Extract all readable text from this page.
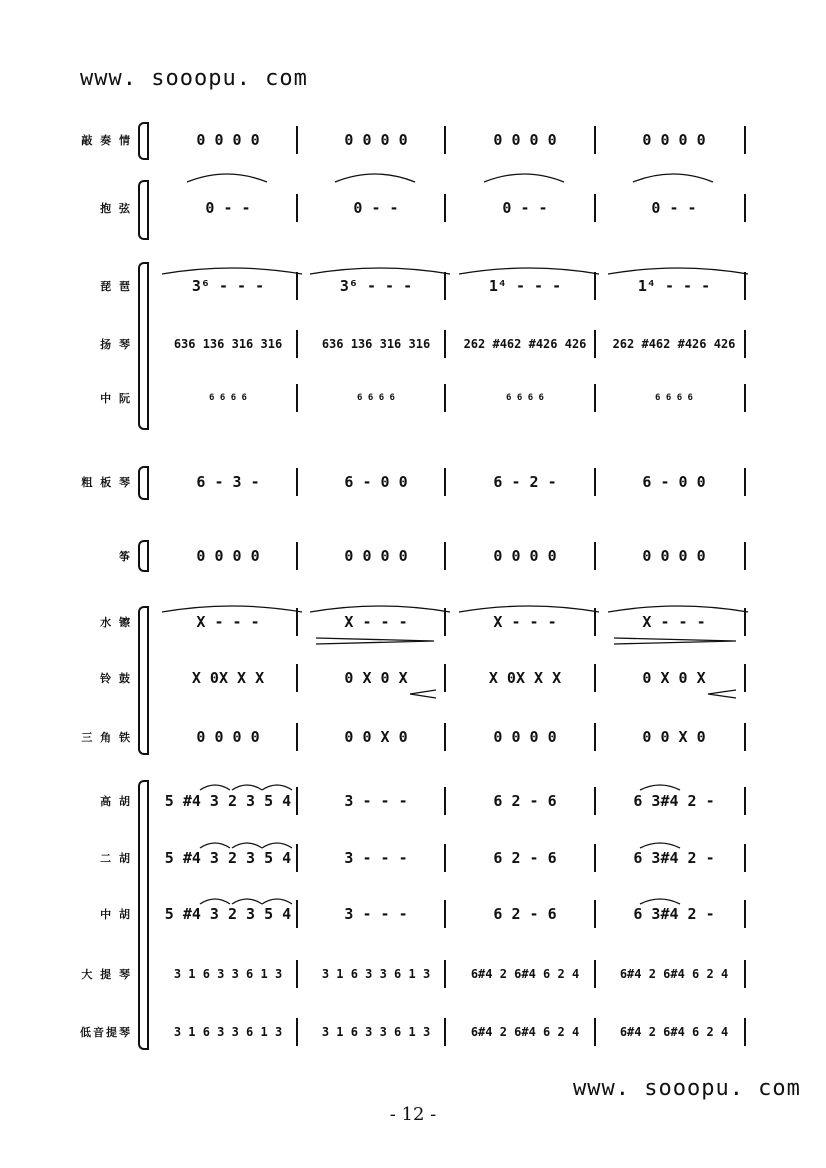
www. sooopu. com
www. sooopu. com
- 12 -
敲 奏 情	0 0 0 0	0 0 0 0	0 0 0 0	0 0 0 0
抱 弦	0 - -	0 - -	0 - -	0 - -
琵 琶	3⁶ - - -	3⁶ - - -	1⁴ - - -	1⁴ - - -
扬 琴	636 136 316 316	636 136 316 316	262 #462 #426 426	262 #462 #426 426
中 阮	6 6 6 6	6 6 6 6	6 6 6 6	6 6 6 6
粗 板 琴	6 - 3 -	6 - 0 0	6 - 2 -	6 - 0 0
筝	0 0 0 0	0 0 0 0	0 0 0 0	0 0 0 0
水 镲	X - - -	X - - -	X - - -	X - - -
铃 鼓	X 0X X X	0 X 0 X	X 0X X X	0 X 0 X
三 角 铁	0 0 0 0	0 0 X 0	0 0 0 0	0 0 X 0
高 胡	5 #4 3 2 3 5 4	3 - - -	6 2 - 6	6 3#4 2 -
二 胡	5 #4 3 2 3 5 4	3 - - -	6 2 - 6	6 3#4 2 -
中 胡	5 #4 3 2 3 5 4	3 - - -	6 2 - 6	6 3#4 2 -
大 提 琴	3 1 6 3 3 6 1 3	3 1 6 3 3 6 1 3	6#4 2 6#4 6 2 4	6#4 2 6#4 6 2 4
低音提琴	3 1 6 3 3 6 1 3	3 1 6 3 3 6 1 3	6#4 2 6#4 6 2 4	6#4 2 6#4 6 2 4
